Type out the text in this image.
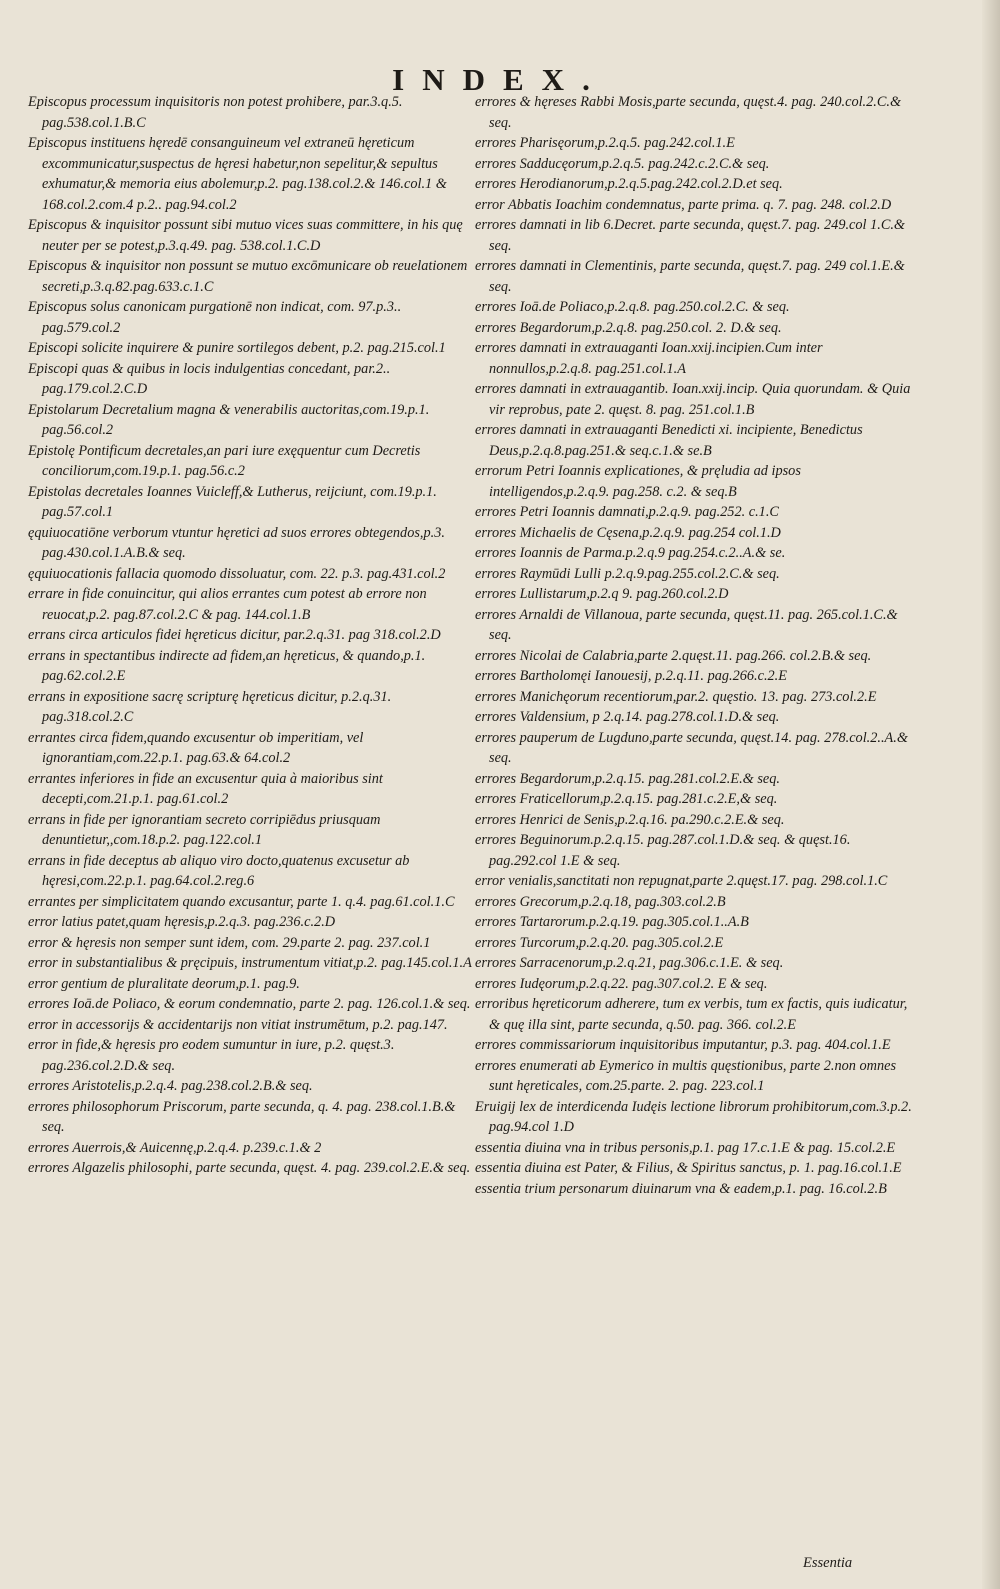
INDEX.

Episcopus processum inquisitoris non potest prohibere, par.3.q.5. pag.538.col.1.B.C

Episcopus instituens hęredē consanguineum vel extraneū hęreticum excommunicatur,suspectus de hęresi habetur,non sepelitur,& sepultus exhumatur,& memoria eius abolетur,p.2. pag.138.col.2.& 146.col.1 & 168.col.2.com.4 p.2.. pag.94.col.2

Episcopus & inquisitor possunt sibi mutuo vices suas committere, in his quę neuter per se potest,p.3.q.49. pag. 538.col.1.C.D

Episcopus & inquisitor non possunt se mutuo excōmunicare ob reuelationem secreti,p.3.q.82.pag.633.c.1.C

Episcopus solus canonicam purgationē non indicat, com. 97.p.3.. pag.579.col.2

Episcopi solicite inquirere & punire sortilegos debent, p.2. pag.215.col.1

Episcopi quas & quibus in locis indulgentias concedant, par.2.. pag.179.col.2.C.D

Epistolarum Decretalium magna & venerabilis auctoritas,com.19.p.1. pag.56.col.2

Epistolę Pontificum decretales,an pari iure exęquentur cum Decretis conciliorum,com.19.p.1. pag.56.c.2

Epistolas decretales Ioannes Vuicleff,& Lutherus, reijciunt, com.19.p.1. pag.57.col.1

ęquiuocatiōne verborum vtuntur hęretici ad suos errores obtegendos,p.3. pag.430.col.1.A.B.& seq.

ęquiuocationis fallacia quomodo dissoluatur, com. 22. p.3. pag.431.col.2

errare in fide conuincitur, qui alios errantes cum potest ab errore non reuocat,p.2. pag.87.col.2.C & pag. 144.col.1.B

errans circa articulos fidei hęreticus dicitur, par.2.q.31. pag 318.col.2.D

errans in spectantibus indirecte ad fidem,an hęreticus, & quando,p.1. pag.62.col.2.E

errans in expositione sacrę scripturę hęreticus dicitur, p.2.q.31. pag.318.col.2.C

errantes circa fidem,quando excusentur ob imperitiam, vel ignorantiam,com.22.p.1. pag.63.& 64.col.2

errantes inferiores in fide an excusentur quia à maioribus sint decepti,com.21.p.1. pag.61.col.2

errans in fide per ignorantiam secreto corripiēdus priusquam denuntietur,,com.18.p.2. pag.122.col.1

errans in fide deceptus ab aliquo viro docto,quatenus excusetur ab hęresi,com.22.p.1. pag.64.col.2.reg.6

errantes per simplicitatem quando excusantur, parte 1. q.4. pag.61.col.1.C

error latius patet,quam hęresis,p.2.q.3. pag.236.c.2.D

error & hęresis non semper sunt idem, com. 29.parte 2. pag. 237.col.1

error in substantialibus & pręcipuis, instrumentum vitiat,p.2. pag.145.col.1.A

error gentium de pluralitate deorum,p.1. pag.9.

errores Ioā.de Poliaco, & eorum condemnatio, parte 2. pag. 126.col.1.& seq.

error in accessorijs & accidentarijs non vitiat instrumētum, p.2. pag.147.

error in fide,& hęresis pro eodem sumuntur in iure, p.2. quęst.3. pag.236.col.2.D.& seq.

errores Aristotelis,p.2.q.4. pag.238.col.2.B.& seq.

errores philosophorum Priscorum, parte secunda, q. 4. pag. 238.col.1.B.& seq.

errores Auerrois,& Auicennę,p.2.q.4. p.239.c.1.& 2

errores Algazelis philosophi, parte secunda, quęst. 4. pag. 239.col.2.E.& seq.

errores & hęreses Rabbi Mosis,parte secunda, quęst.4. pag. 240.col.2.C.& seq.

errores Pharisęorum,p.2.q.5. pag.242.col.1.E

errores Sadducęorum,p.2.q.5. pag.242.c.2.C.& seq.

errores Herodianorum,p.2.q.5.pag.242.col.2.D.et seq.

error Abbatis Ioachim condemnatus, parte prima. q. 7. pag. 248. col.2.D

errores damnati in lib 6.Decret. parte secunda, quęst.7. pag. 249.col 1.C.& seq.

errores damnati in Clementinis, parte secunda, quęst.7. pag. 249 col.1.E.& seq.

errores Ioā.de Poliaco,p.2.q.8. pag.250.col.2.C. & seq.

errores Begardorum,p.2.q.8. pag.250.col. 2. D.& seq.

errores damnati in extrauaganti Ioan.xxij.incipien.Cum inter nonnullos,p.2.q.8. pag.251.col.1.A

errores damnati in extrauagantib. Ioan.xxij.incip. Quia quorundam. & Quia vir reprobus, pate 2. quęst. 8. pag. 251.col.1.B

errores damnati in extrauaganti Benedicti xi. incipiente, Benedictus Deus,p.2.q.8.pag.251.& seq.c.1.& se.B

errorum Petri Ioannis explicationes, & pręludia ad ipsos intelligendos,p.2.q.9. pag.258. c.2. & seq.B

errores Petri Ioannis damnati,p.2.q.9. pag.252. c.1.C

errores Michaelis de Cęsena,p.2.q.9. pag.254 col.1.D

errores Ioannis de Parma.p.2.q.9 pag.254.c.2..A.& se.

errores Raymūdi Lulli p.2.q.9.pag.255.col.2.C.& seq.

errores Lullistarum,p.2.q 9. pag.260.col.2.D

errores Arnaldi de Villanoua, parte secunda, quęst.11. pag. 265.col.1.C.& seq.

errores Nicolai de Calabria,parte 2.quęst.11. pag.266. col.2.B.& seq.

errores Bartholomęi Ianouesij, p.2.q.11. pag.266.c.2.E

errores Manichęorum recentiorum,par.2. quęstio. 13. pag. 273.col.2.E

errores Valdensium, p 2.q.14. pag.278.col.1.D.& seq.

errores pauperum de Lugduno,parte secunda, quęst.14. pag. 278.col.2..A.& seq.

errores Begardorum,p.2.q.15. pag.281.col.2.E.& seq.

errores Fraticellorum,p.2.q.15. pag.281.c.2.E,& seq.

errores Henrici de Senis,p.2.q.16. pa.290.c.2.E.& seq.

errores Beguinorum.p.2.q.15. pag.287.col.1.D.& seq. & quęst.16. pag.292.col 1.E & seq.

error venialis,sanctitati non repugnat,parte 2.quęst.17. pag. 298.col.1.C

errores Grecorum,p.2.q.18, pag.303.col.2.B

errores Tartarorum.p.2.q.19. pag.305.col.1..A.B

errores Turcorum,p.2.q.20. pag.305.col.2.E

errores Sarracenorum,p.2.q.21, pag.306.c.1.E. & seq.

errores Iudęorum,p.2.q.22. pag.307.col.2. E & seq.

erroribus hęreticorum adherere, tum ex verbis, tum ex factis, quis iudicatur, & quę illa sint, parte secunda, q.50. pag. 366. col.2.E

errores commissariorum inquisitoribus imputantur, p.3. pag. 404.col.1.E

errores enumerati ab Eymerico in multis quęstionibus, parte 2.non omnes sunt hęreticales, com.25.parte. 2. pag. 223.col.1

Eruigij lex de interdicenda Iudęis lectione librorum prohibitorum,com.3.p.2. pag.94.col 1.D

essentia diuina vna in tribus personis,p.1. pag 17.c.1.E & pag. 15.col.2.E

essentia diuina est Pater, & Filius, & Spiritus sanctus, p. 1. pag.16.col.1.E

essentia trium personarum diuinarum vna & eadem,p.1. pag. 16.col.2.B

Essentia
